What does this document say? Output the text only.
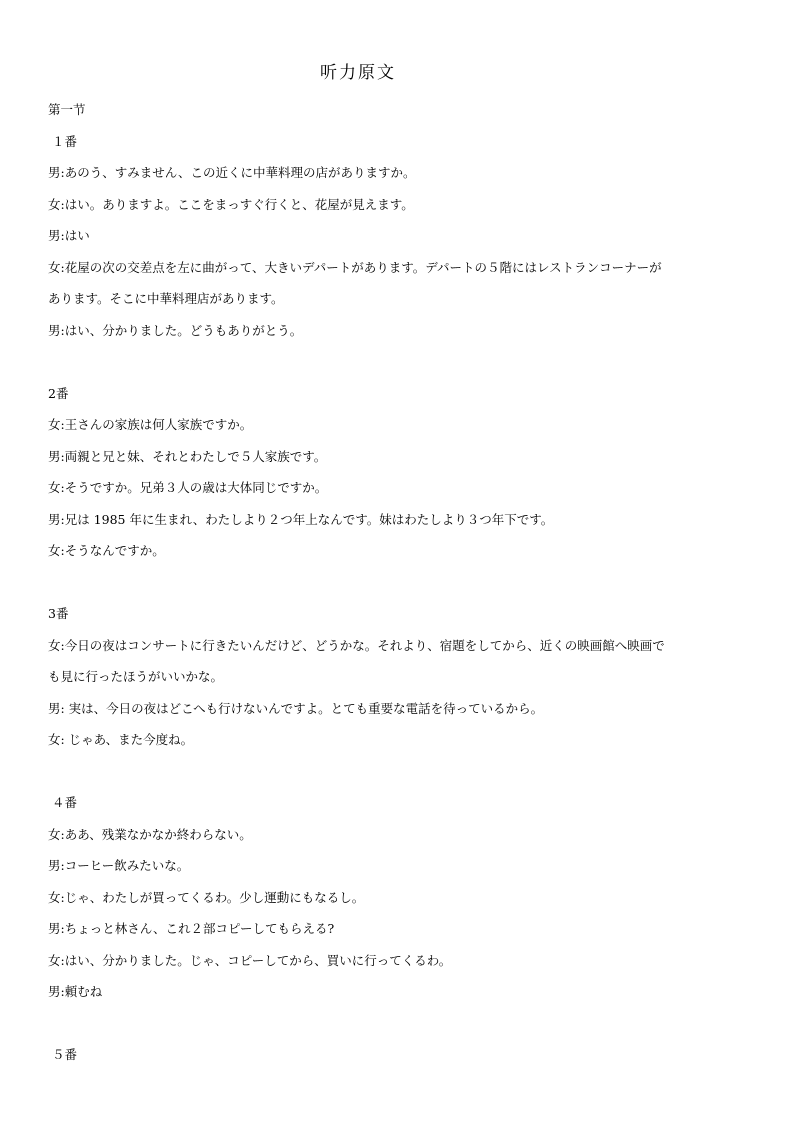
听力原文

第一节

１番

男:あのう、すみません、この近くに中華料理の店がありますか。

女:はい。ありますよ。ここをまっすぐ行くと、花屋が見えます。

男:はい

女:花屋の次の交差点を左に曲がって、大きいデパートがあります。デパートの５階にはレストランコーナーが

あります。そこに中華料理店があります。

男:はい、分かりました。どうもありがとう。

2番

女:王さんの家族は何人家族ですか。

男:両親と兄と妹、それとわたしで５人家族です。

女:そうですか。兄弟３人の歳は大体同じですか。

男:兄は 1985 年に生まれ、わたしより２つ年上なんです。妹はわたしより３つ年下です。

女:そうなんですか。

3番

女:今日の夜はコンサートに行きたいんだけど、どうかな。それより、宿題をしてから、近くの映画館へ映画で

も見に行ったほうがいいかな。

男: 実は、今日の夜はどこへも行けないんですよ。とても重要な電話を待っているから。

女: じゃあ、また今度ね。

４番

女:ああ、残業なかなか終わらない。

男:コーヒー飲みたいな。

女:じゃ、わたしが買ってくるわ。少し運動にもなるし。

男:ちょっと林さん、これ２部コピーしてもらえる?

女:はい、分かりました。じゃ、コピーしてから、買いに行ってくるわ。

男:頼むね

５番
